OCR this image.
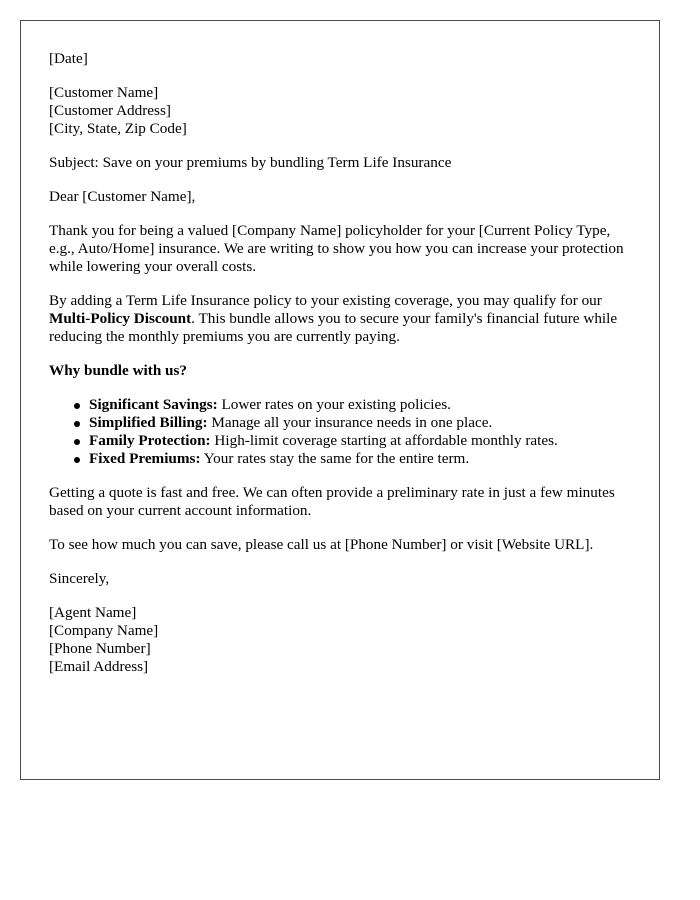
[Date]
[Customer Name]
[Customer Address]
[City, State, Zip Code]

Subject: Save on your premiums by bundling Term Life Insurance

Dear [Customer Name],

Thank you for being a valued [Company Name] policyholder for your [Current Policy Type, e.g., Auto/Home] insurance. We are writing to show you how you can increase your protection while lowering your overall costs.

By adding a Term Life Insurance policy to your existing coverage, you may qualify for our Multi-Policy Discount. This bundle allows you to secure your family's financial future while reducing the monthly premiums you are currently paying.

Why bundle with us?

Significant Savings: Lower rates on your existing policies.
Simplified Billing: Manage all your insurance needs in one place.
Family Protection: High-limit coverage starting at affordable monthly rates.
Fixed Premiums: Your rates stay the same for the entire term.

Getting a quote is fast and free. We can often provide a preliminary rate in just a few minutes based on your current account information.

To see how much you can save, please call us at [Phone Number] or visit [Website URL].

Sincerely,

[Agent Name]
[Company Name]
[Phone Number]
[Email Address]
